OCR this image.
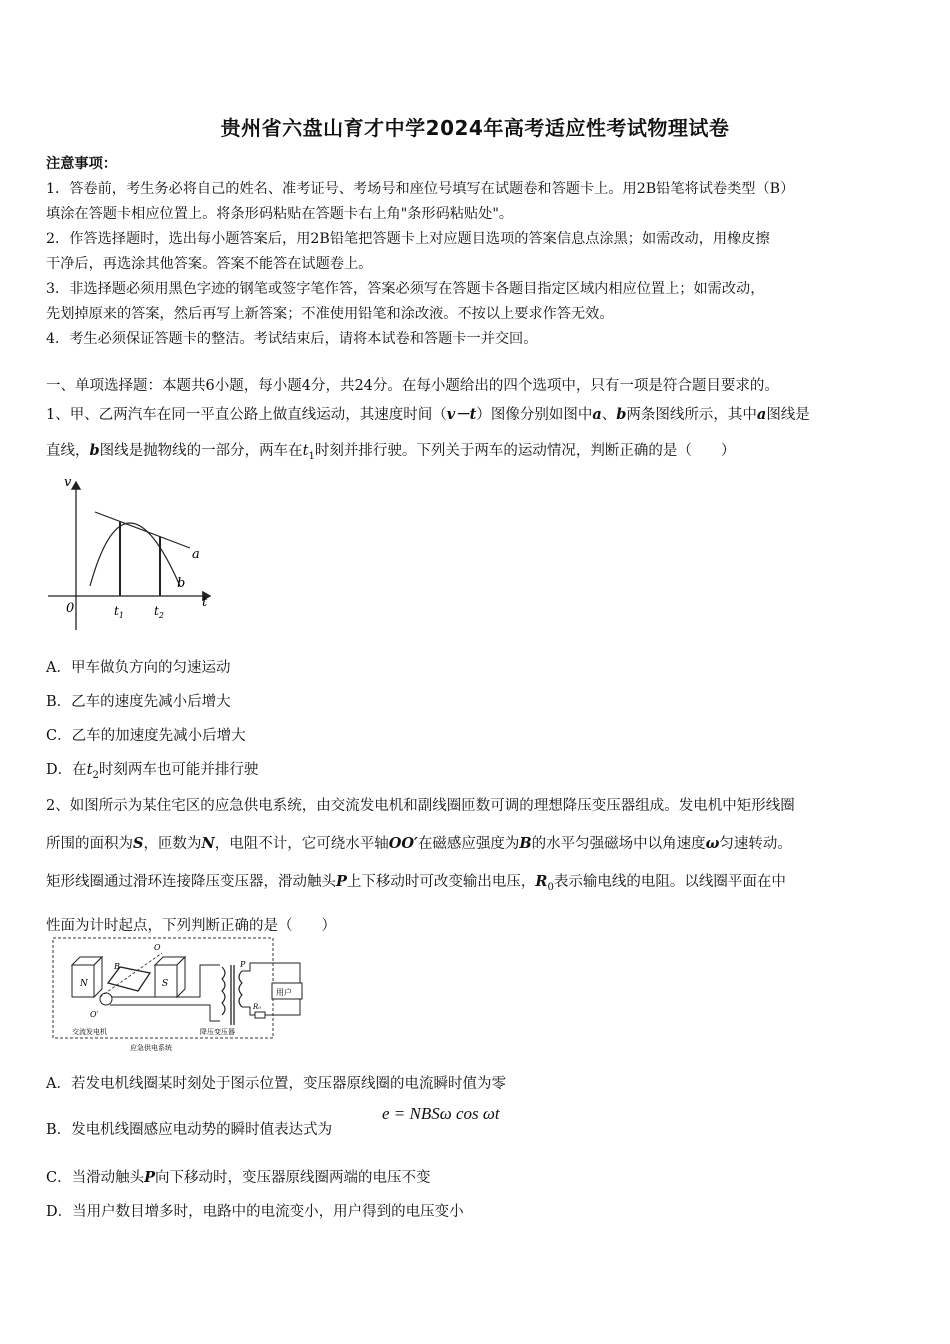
贵州省六盘山育才中学2024年高考适应性考试物理试卷

注意事项：

1．答卷前，考生务必将自己的姓名、准考证号、考场号和座位号填写在试题卷和答题卡上。用2B铅笔将试卷类型（B）

填涂在答题卡相应位置上。将条形码粘贴在答题卡右上角"条形码粘贴处"。

2．作答选择题时，选出每小题答案后，用2B铅笔把答题卡上对应题目选项的答案信息点涂黑；如需改动，用橡皮擦

干净后，再选涂其他答案。答案不能答在试题卷上。

3．非选择题必须用黑色字迹的钢笔或签字笔作答，答案必须写在答题卡各题目指定区域内相应位置上；如需改动，

先划掉原来的答案，然后再写上新答案；不准使用铅笔和涂改液。不按以上要求作答无效。

4．考生必须保证答题卡的整洁。考试结束后，请将本试卷和答题卡一并交回。

一、单项选择题：本题共6小题，每小题4分，共24分。在每小题给出的四个选项中，只有一项是符合题目要求的。

1、甲、乙两汽车在同一平直公路上做直线运动，其速度时间（v－t）图像分别如图中a、b两条图线所示，其中a图线是

直线，b图线是抛物线的一部分，两车在$t_1$时刻并排行驶。下列关于两车的运动情况，判断正确的是（　　）

v
t
0	$t_1$	$t_2$
a
b
A．甲车做负方向的匀速运动
B．乙车的速度先减小后增大
C．乙车的加速度先减小后增大
D．在$t_2$时刻两车也可能并排行驶

2、如图所示为某住宅区的应急供电系统，由交流发电机和副线圈匝数可调的理想降压变压器组成。发电机中矩形线圈

所围的面积为S，匝数为N，电阻不计，它可绕水平轴OO′在磁感应强度为B的水平匀强磁场中以角速度ω匀速转动。

矩形线圈通过滑环连接降压变压器，滑动触头P上下移动时可改变输出电压，$R_0$表示输电线的电阻。以线圈平面在中

性面为计时起点，下列判断正确的是（　　）

N	S
O
O′
B	P
用户
R₀
交流发电机	降压变压器
应急供电系统
A．若发电机线圈某时刻处于图示位置，变压器原线圈的电流瞬时值为零
B．发电机线圈感应电动势的瞬时值表达式为
e = NBSω cos ωt
C．当滑动触头P向下移动时，变压器原线圈两端的电压不变
D．当用户数目增多时，电路中的电流变小，用户得到的电压变小
